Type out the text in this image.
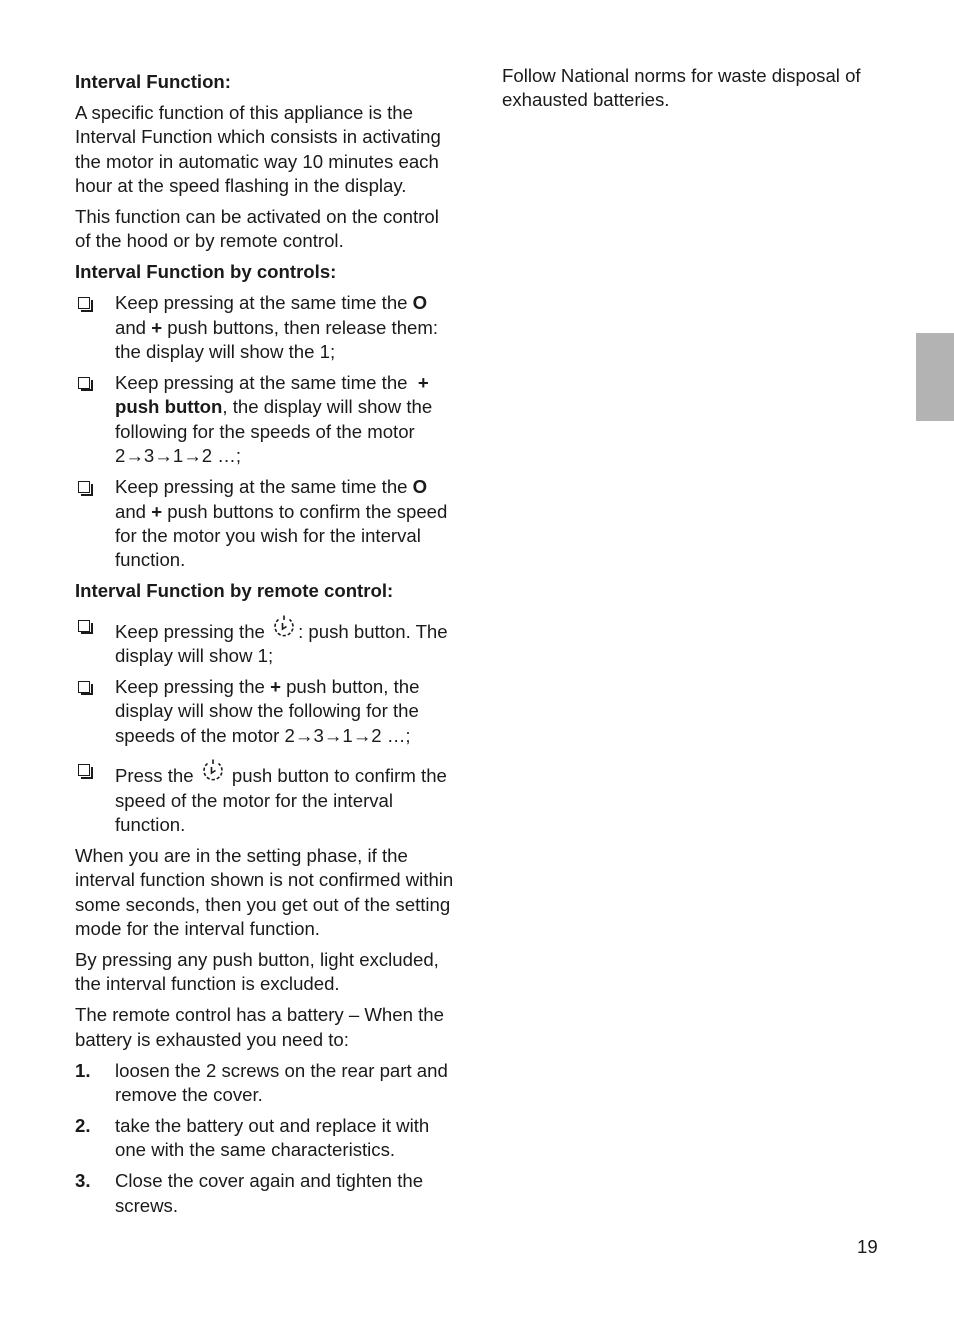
Interval Function:

A specific function of this appliance is the Interval Function which consists in activating the motor in automatic way 10 minutes each hour at the speed flashing in the display.

This function can be activated on the control of the hood or by remote control.

Interval Function by controls:
Keep pressing at the same time the O and + push buttons, then release them: the display will show the 1;
Keep pressing at the same time the  + push button, the display will show the following for the speeds of the motor 2→3→1→2 …;
Keep pressing at the same time the O and + push buttons to confirm the speed for the motor you wish for the interval function.
Interval Function by remote control:
Keep pressing the : push button. The display will show 1;
Keep pressing the + push button, the display will show the following for the speeds of the motor 2→3→1→2 …;
Press the  push button to confirm the speed of the motor for the interval function.

When you are in the setting phase, if the interval function shown is not confirmed within some seconds, then you get out of the setting mode for the interval function.

By pressing any push button, light excluded, the interval function is excluded.

The remote control has a battery – When the battery is exhausted you need to:

1. loosen the 2 screws on the rear part and remove the cover.
2. take the battery out and replace it with one with the same characteristics.
3. Close the cover again and tighten the screws.

Follow National norms for waste disposal of exhausted batteries.

19
